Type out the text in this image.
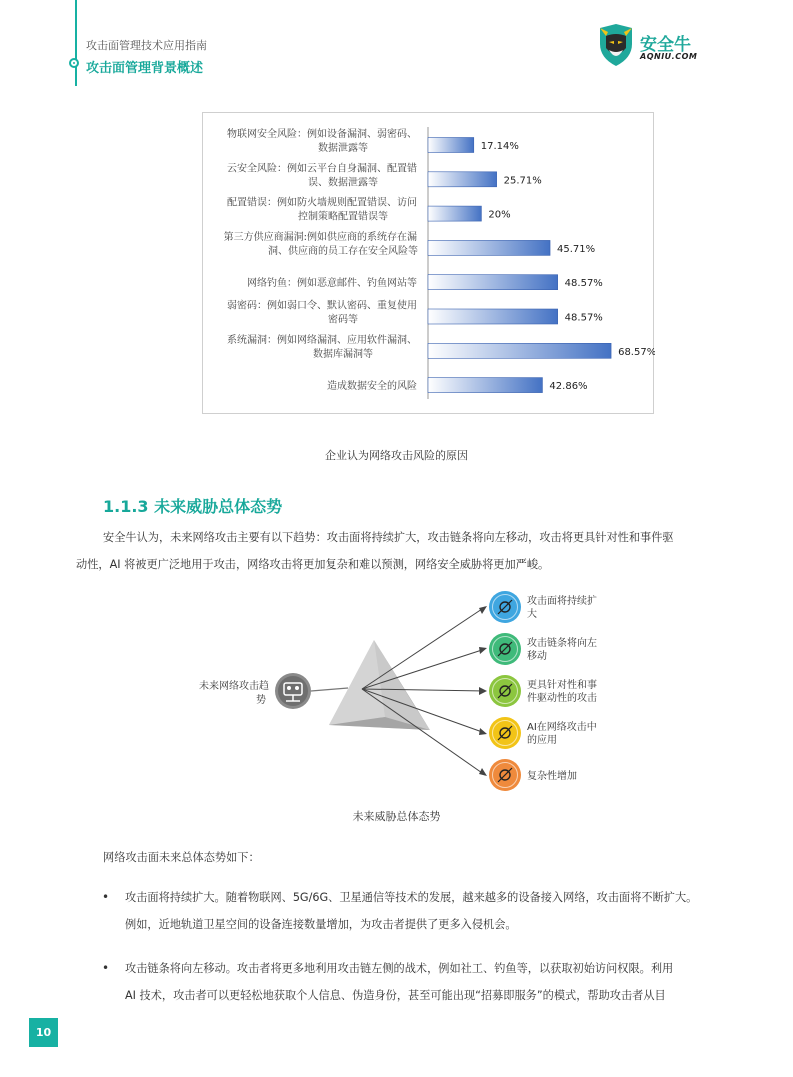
攻击面管理技术应用指南
攻击面管理背景概述
安全牛
AQNIU.COM
17.14%
物联网安全风险：例如设备漏洞、弱密码、
数据泄露等
25.71%
云安全风险：例如云平台自身漏洞、配置错
误、数据泄露等
20%
配置错误：例如防火墙规则配置错误、访问
控制策略配置错误等
45.71%
第三方供应商漏洞:例如供应商的系统存在漏
洞、供应商的员工存在安全风险等
48.57%
网络钓鱼：例如恶意邮件、钓鱼网站等
48.57%
弱密码：例如弱口令、默认密码、重复使用
密码等
68.57%
系统漏洞：例如网络漏洞、应用软件漏洞、
数据库漏洞等
42.86%
造成数据安全的风险
企业认为网络攻击风险的原因
1.1.3 未来威胁总体态势
安全牛认为，未来网络攻击主要有以下趋势：攻击面将持续扩大，攻击链条将向左移动，攻击将更具针对性和事件驱
动性，AI 将被更广泛地用于攻击，网络攻击将更加复杂和难以预测，网络安全威胁将更加严峻。
未来网络攻击趋
势
攻击面将持续扩
大
攻击链条将向左
移动
更具针对性和事
件驱动性的攻击
AI在网络攻击中
的应用
复杂性增加
未来威胁总体态势
网络攻击面未来总体态势如下：
• 攻击面将持续扩大。随着物联网、5G/6G、卫星通信等技术的发展，越来越多的设备接入网络，攻击面将不断扩大。
例如，近地轨道卫星空间的设备连接数量增加，为攻击者提供了更多入侵机会。
• 攻击链条将向左移动。攻击者将更多地利用攻击链左侧的战术，例如社工、钓鱼等，以获取初始访问权限。利用
AI 技术，攻击者可以更轻松地获取个人信息、伪造身份，甚至可能出现“招募即服务”的模式，帮助攻击者从目
10
